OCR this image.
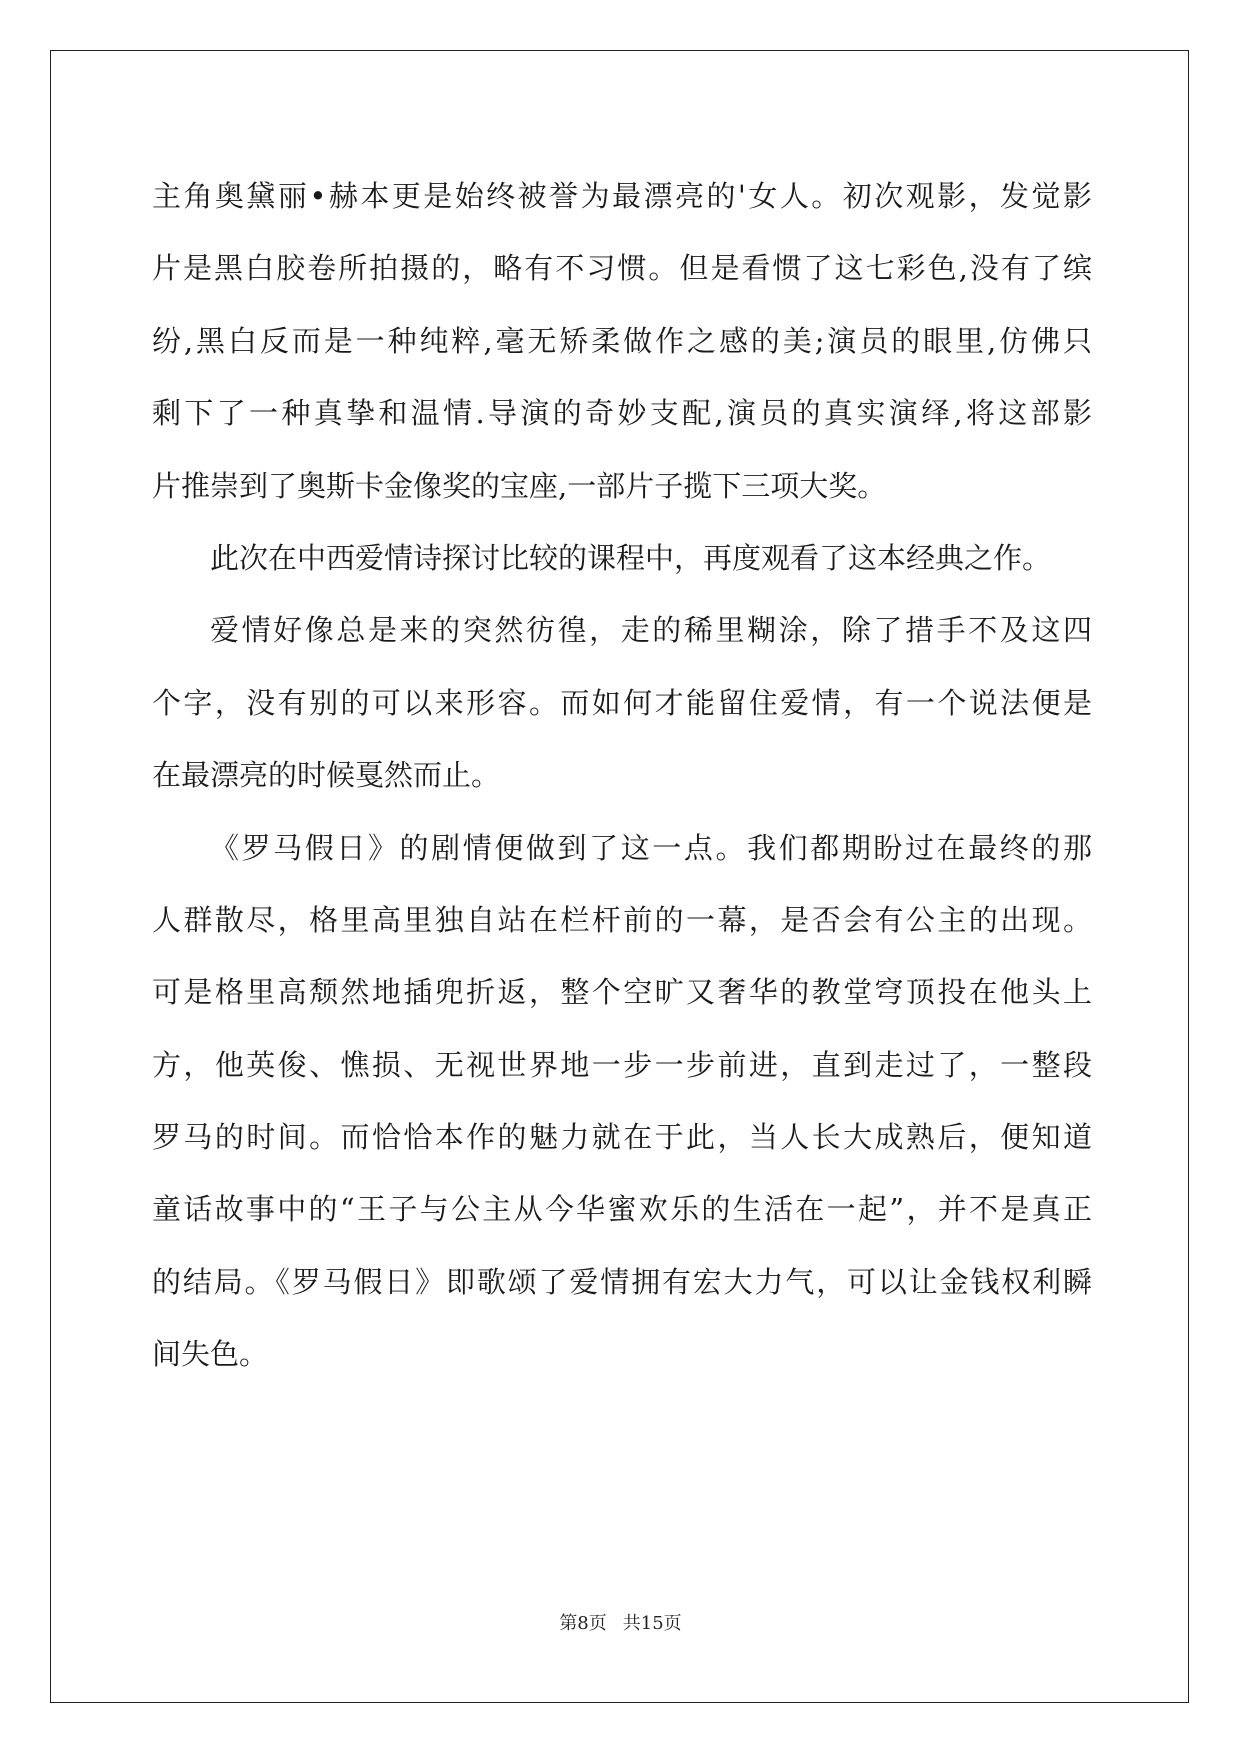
主角奥黛丽•赫本更是始终被誉为最漂亮的'女人。初次观影，发觉影
片是黑白胶卷所拍摄的，略有不习惯。但是看惯了这七彩色,没有了缤
纷,黑白反而是一种纯粹,毫无矫柔做作之感的美;演员的眼里,仿佛只
剩下了一种真挚和温情.导演的奇妙支配,演员的真实演绎,将这部影
片推崇到了奥斯卡金像奖的宝座,一部片子揽下三项大奖。
此次在中西爱情诗探讨比较的课程中，再度观看了这本经典之作。
爱情好像总是来的突然彷徨，走的稀里糊涂，除了措手不及这四
个字，没有别的可以来形容。而如何才能留住爱情，有一个说法便是
在最漂亮的时候戛然而止。
《罗马假日》的剧情便做到了这一点。我们都期盼过在最终的那
人群散尽，格里高里独自站在栏杆前的一幕，是否会有公主的出现。
可是格里高颓然地插兜折返，整个空旷又奢华的教堂穹顶投在他头上
方，他英俊、憔损、无视世界地一步一步前进，直到走过了，一整段
罗马的时间。而恰恰本作的魅力就在于此，当人长大成熟后，便知道
童话故事中的“王子与公主从今华蜜欢乐的生活在一起”，并不是真正
的结局。《罗马假日》即歌颂了爱情拥有宏大力气，可以让金钱权利瞬
间失色。
第8页 共15页
